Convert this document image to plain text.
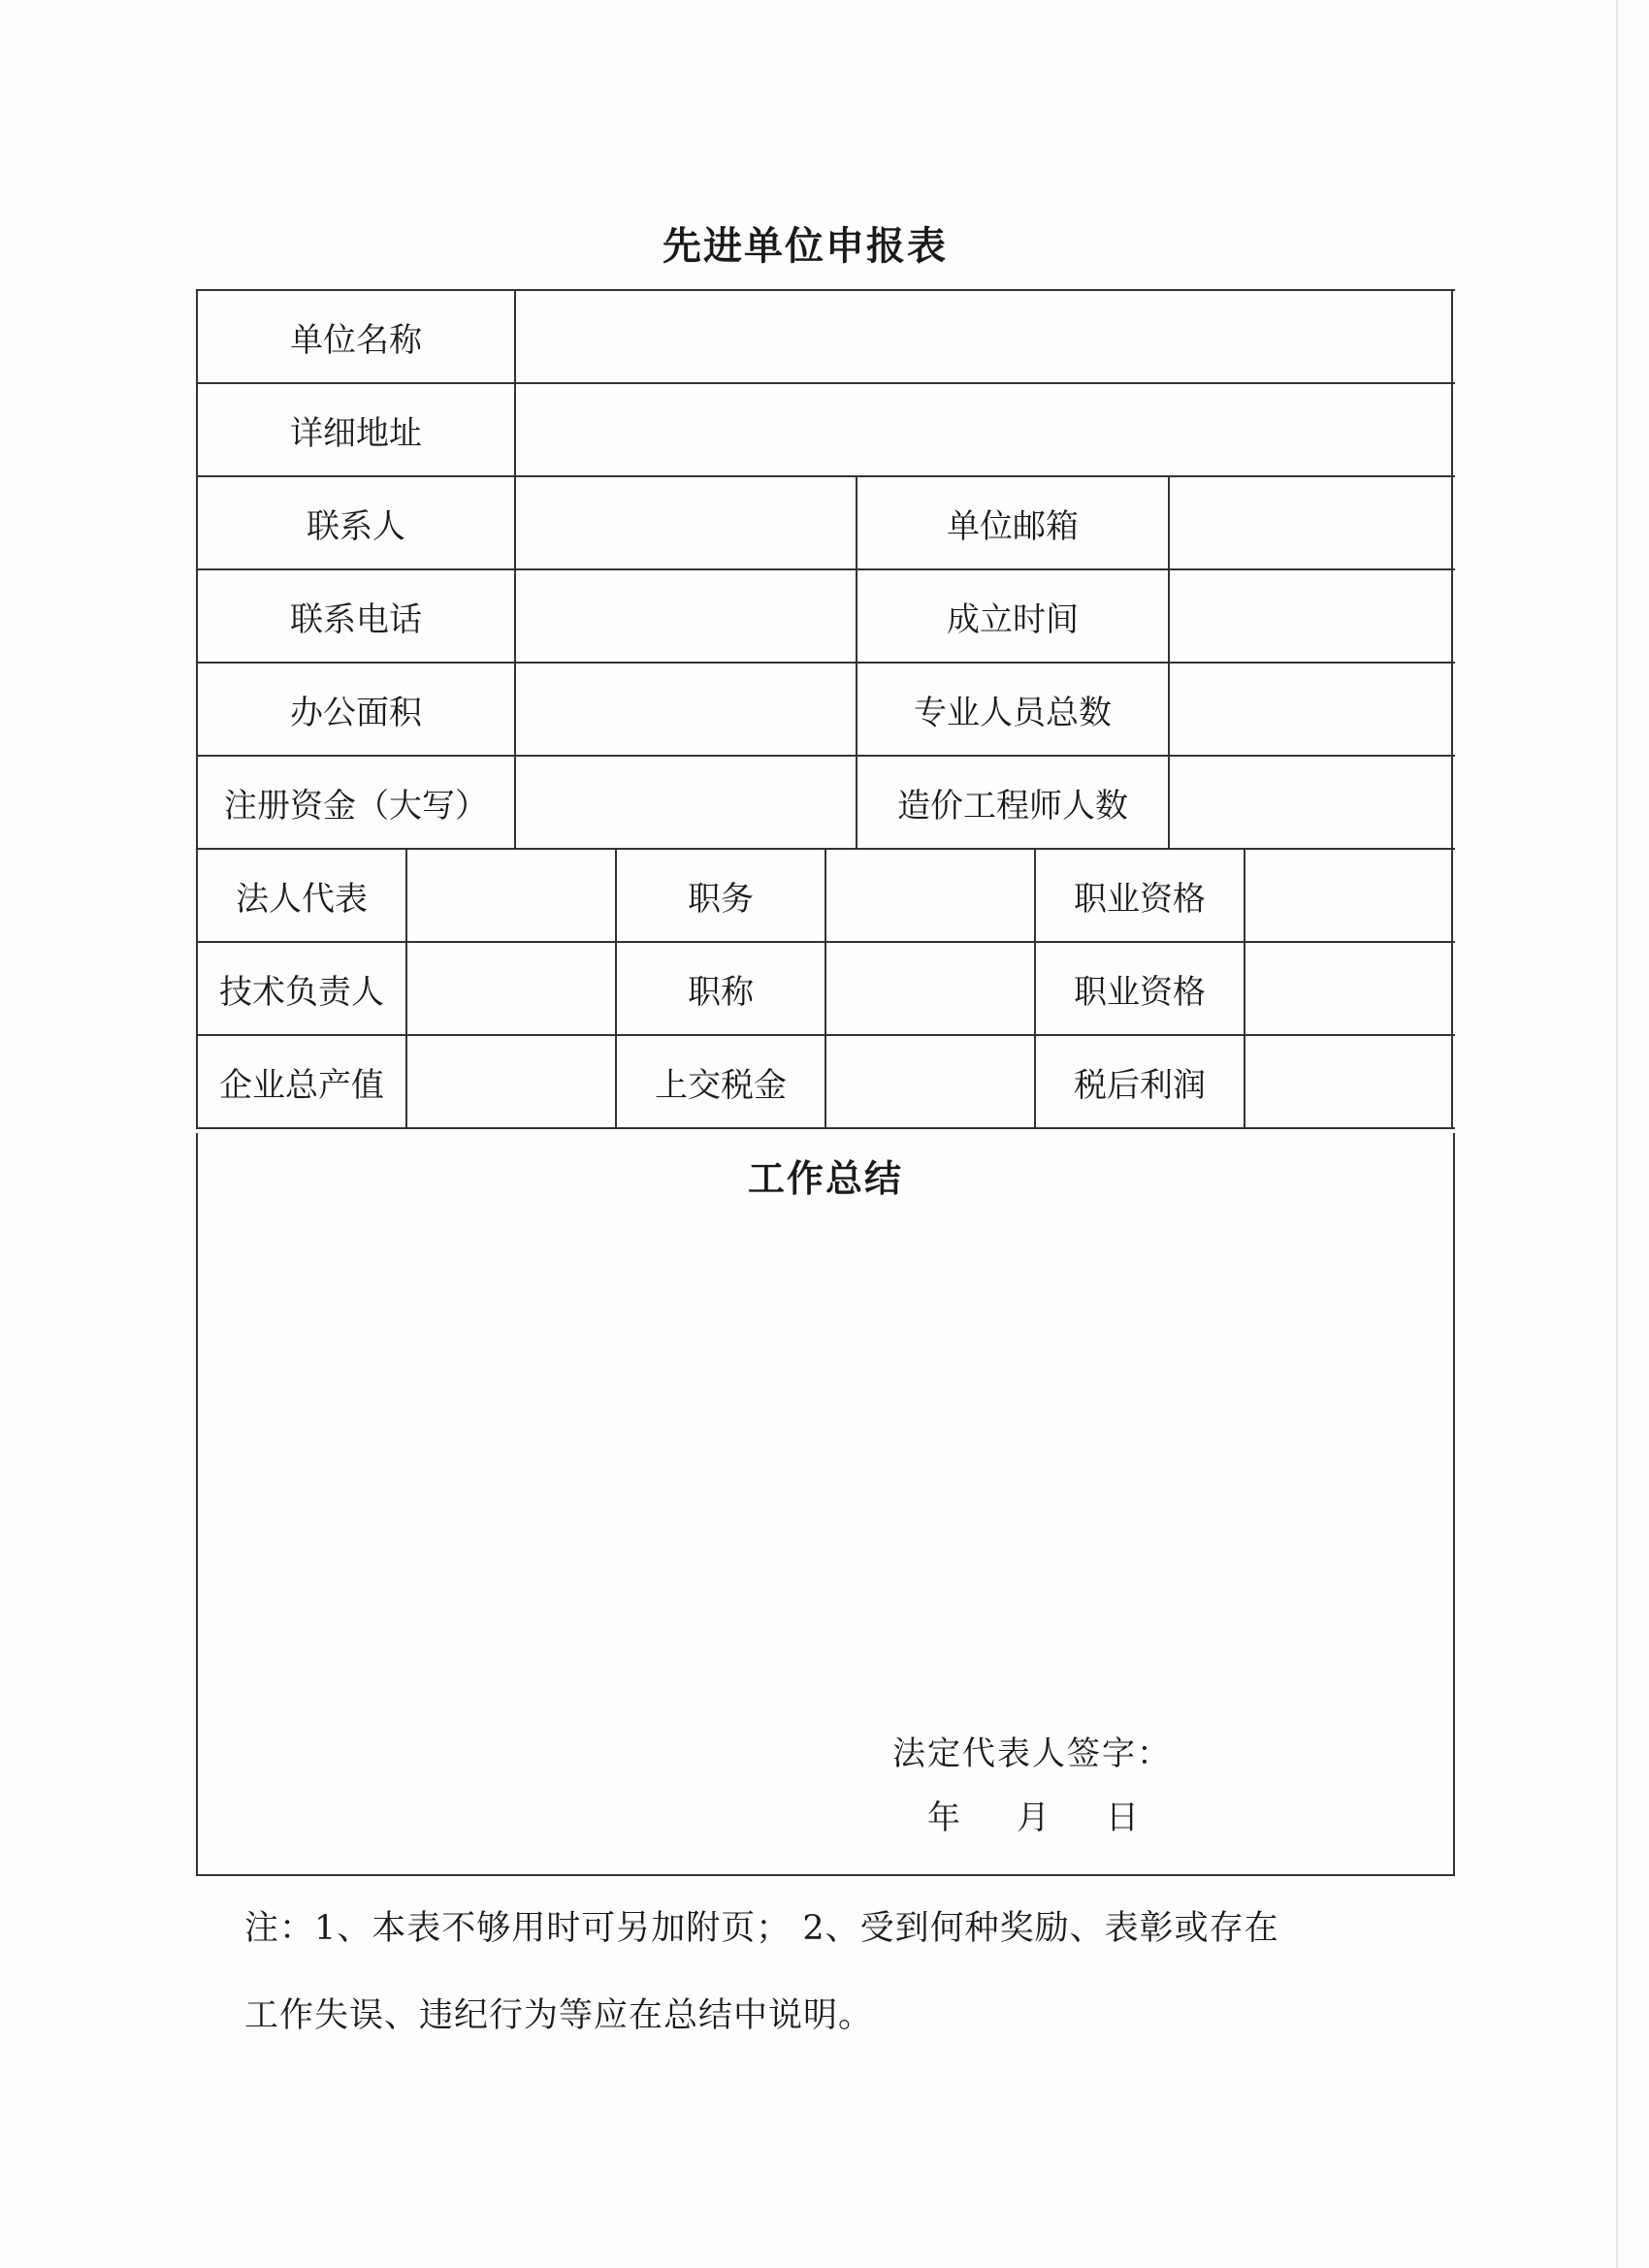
先进单位申报表
单位名称
详细地址
联系人	单位邮箱
联系电话	成立时间
办公面积	专业人员总数
注册资金（大写）	造价工程师人数
法人代表	职务	职业资格
技术负责人	职称	职业资格
企业总产值	上交税金	税后利润
工作总结
法定代表人签字：
年 月 日
注：1、本表不够用时可另加附页； 2、受到何种奖励、表彰或存在
工作失误、违纪行为等应在总结中说明。
